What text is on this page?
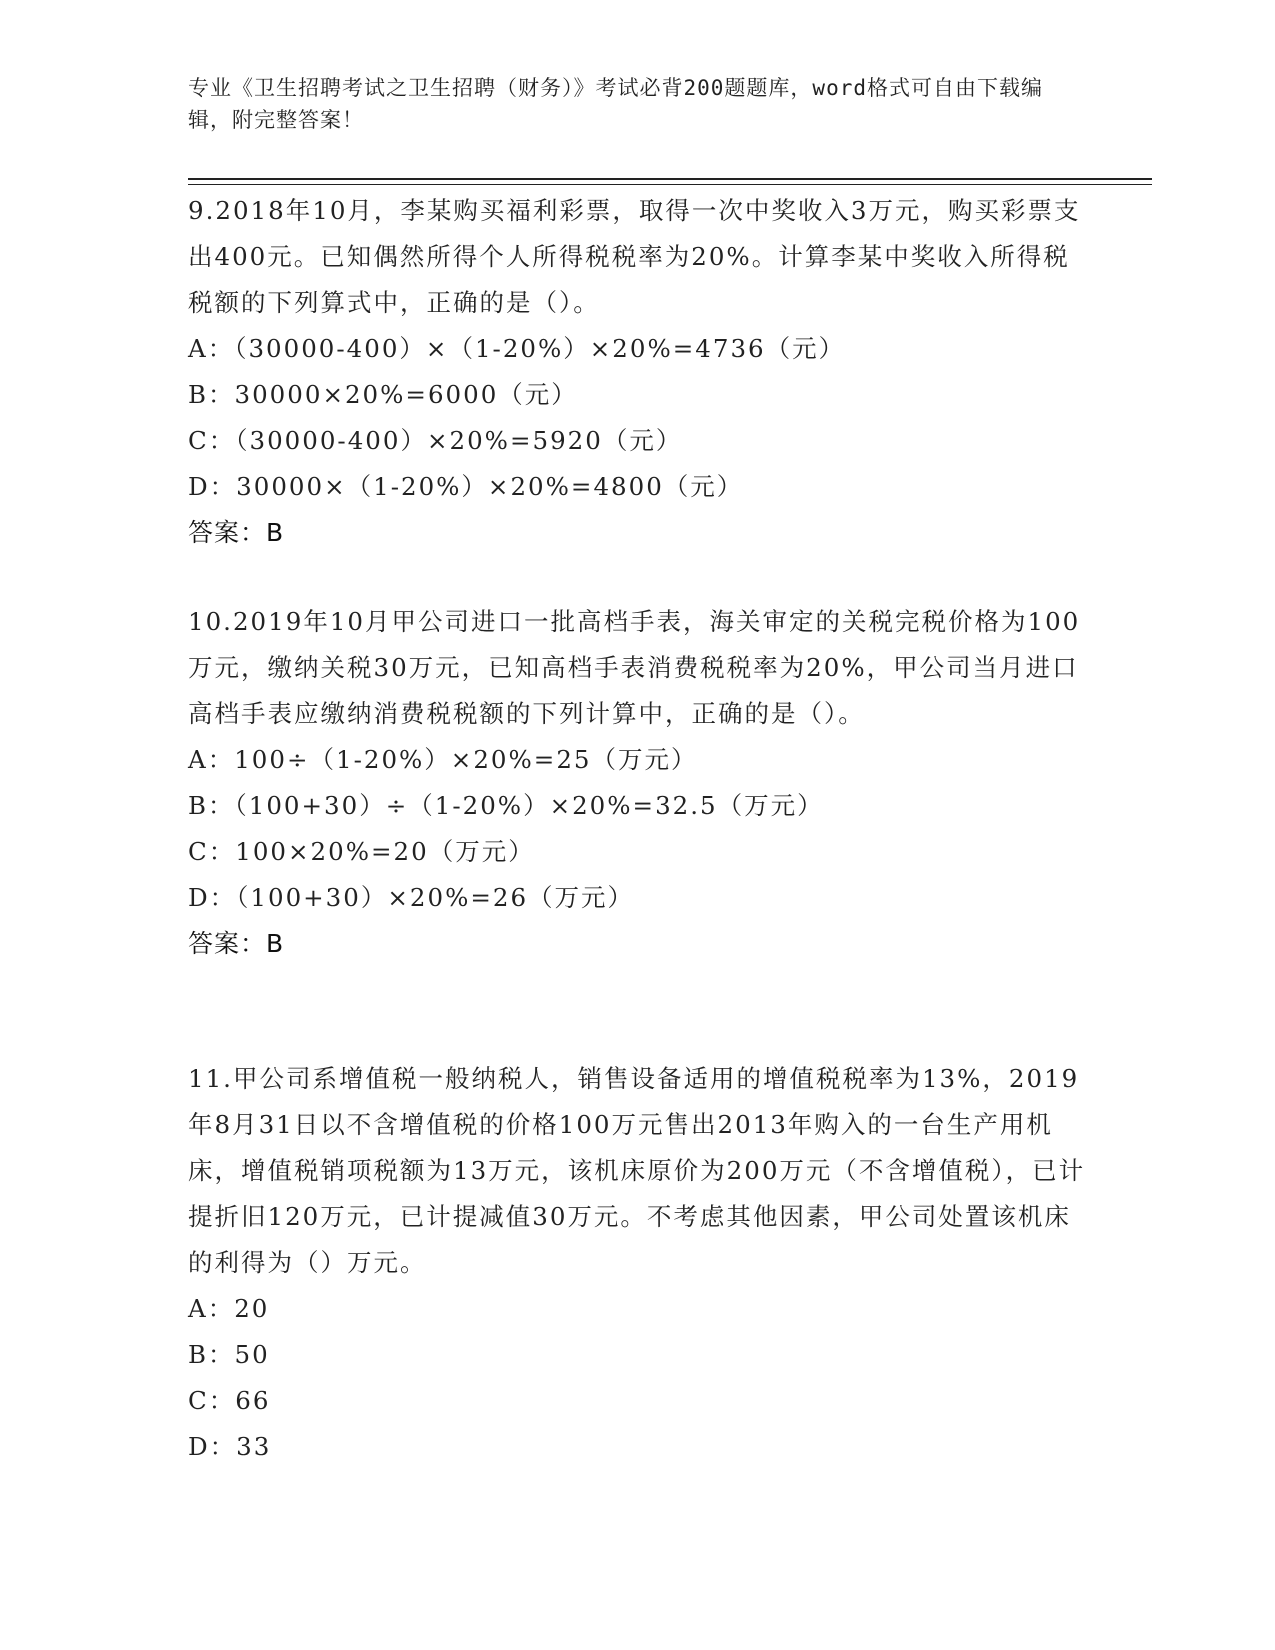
专业《卫生招聘考试之卫生招聘（财务）》考试必背200题题库，word格式可自由下载编辑，附完整答案！

9.2018年10月，李某购买福利彩票，取得一次中奖收入3万元，购买彩票支出400元。已知偶然所得个人所得税税率为20%。计算李某中奖收入所得税税额的下列算式中，正确的是（）。

A：（30000-400）×（1-20%）×20%=4736（元）

B：30000×20%=6000（元）

C：（30000-400）×20%=5920（元）

D：30000×（1-20%）×20%=4800（元）

答案：B

10.2019年10月甲公司进口一批高档手表，海关审定的关税完税价格为100万元，缴纳关税30万元，已知高档手表消费税税率为20%，甲公司当月进口高档手表应缴纳消费税税额的下列计算中，正确的是（）。

A：100÷（1-20%）×20%=25（万元）

B：（100+30）÷（1-20%）×20%=32.5（万元）

C：100×20%=20（万元）

D：（100+30）×20%=26（万元）

答案：B

11.甲公司系增值税一般纳税人，销售设备适用的增值税税率为13%，2019年8月31日以不含增值税的价格100万元售出2013年购入的一台生产用机床，增值税销项税额为13万元，该机床原价为200万元（不含增值税），已计提折旧120万元，已计提减值30万元。不考虑其他因素，甲公司处置该机床的利得为（）万元。

A：20

B：50

C：66

D：33
